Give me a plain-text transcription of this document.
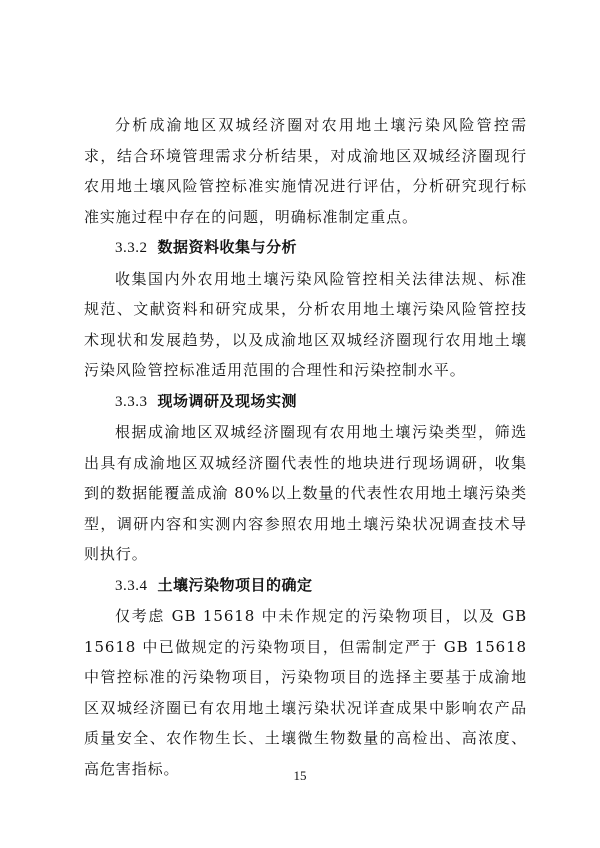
分析成渝地区双城经济圈对农用地土壤污染风险管控需求，结合环境管理需求分析结果，对成渝地区双城经济圈现行农用地土壤风险管控标准实施情况进行评估，分析研究现行标准实施过程中存在的问题，明确标准制定重点。

3.3.2 数据资料收集与分析

收集国内外农用地土壤污染风险管控相关法律法规、标准规范、文献资料和研究成果，分析农用地土壤污染风险管控技术现状和发展趋势，以及成渝地区双城经济圈现行农用地土壤污染风险管控标准适用范围的合理性和污染控制水平。

3.3.3 现场调研及现场实测

根据成渝地区双城经济圈现有农用地土壤污染类型，筛选出具有成渝地区双城经济圈代表性的地块进行现场调研，收集到的数据能覆盖成渝 80%以上数量的代表性农用地土壤污染类型，调研内容和实测内容参照农用地土壤污染状况调查技术导则执行。

3.3.4 土壤污染物项目的确定

仅考虑 GB 15618 中未作规定的污染物项目，以及 GB 15618 中已做规定的污染物项目，但需制定严于 GB 15618 中管控标准的污染物项目，污染物项目的选择主要基于成渝地区双城经济圈已有农用地土壤污染状况详查成果中影响农产品质量安全、农作物生长、土壤微生物数量的高检出、高浓度、高危害指标。	15
